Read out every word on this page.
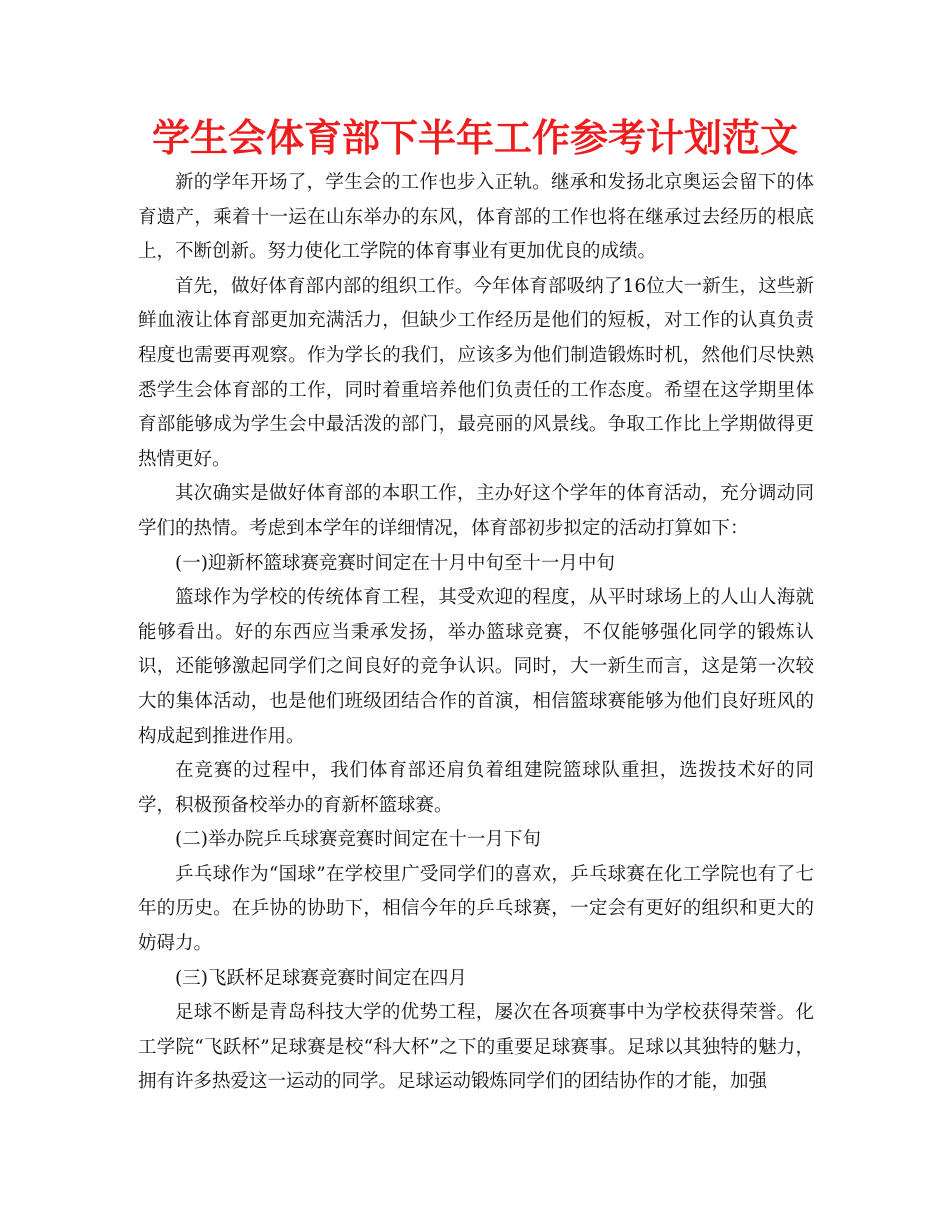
学生会体育部下半年工作参考计划范文

新的学年开场了，学生会的工作也步入正轨。继承和发扬北京奥运会留下的体育遗产，乘着十一运在山东举办的东风，体育部的工作也将在继承过去经历的根底上，不断创新。努力使化工学院的体育事业有更加优良的成绩。

首先，做好体育部内部的组织工作。今年体育部吸纳了16位大一新生，这些新鲜血液让体育部更加充满活力，但缺少工作经历是他们的短板，对工作的认真负责程度也需要再观察。作为学长的我们，应该多为他们制造锻炼时机，然他们尽快熟悉学生会体育部的工作，同时着重培养他们负责任的工作态度。希望在这学期里体育部能够成为学生会中最活泼的部门，最亮丽的风景线。争取工作比上学期做得更热情更好。

其次确实是做好体育部的本职工作，主办好这个学年的体育活动，充分调动同学们的热情。考虑到本学年的详细情况，体育部初步拟定的活动打算如下：

(一)迎新杯篮球赛竞赛时间定在十月中旬至十一月中旬

篮球作为学校的传统体育工程，其受欢迎的程度，从平时球场上的人山人海就能够看出。好的东西应当秉承发扬，举办篮球竞赛，不仅能够强化同学的锻炼认识，还能够激起同学们之间良好的竞争认识。同时，大一新生而言，这是第一次较大的集体活动，也是他们班级团结合作的首演，相信篮球赛能够为他们良好班风的构成起到推进作用。

在竞赛的过程中，我们体育部还肩负着组建院篮球队重担，选拨技术好的同学，积极预备校举办的育新杯篮球赛。

(二)举办院乒乓球赛竞赛时间定在十一月下旬

乒乓球作为“国球”在学校里广受同学们的喜欢，乒乓球赛在化工学院也有了七年的历史。在乒协的协助下，相信今年的乒乓球赛，一定会有更好的组织和更大的妨碍力。

(三)飞跃杯足球赛竞赛时间定在四月

足球不断是青岛科技大学的优势工程，屡次在各项赛事中为学校获得荣誉。化工学院“飞跃杯”足球赛是校“科大杯”之下的重要足球赛事。足球以其独特的魅力，拥有许多热爱这一运动的同学。足球运动锻炼同学们的团结协作的才能，加强
